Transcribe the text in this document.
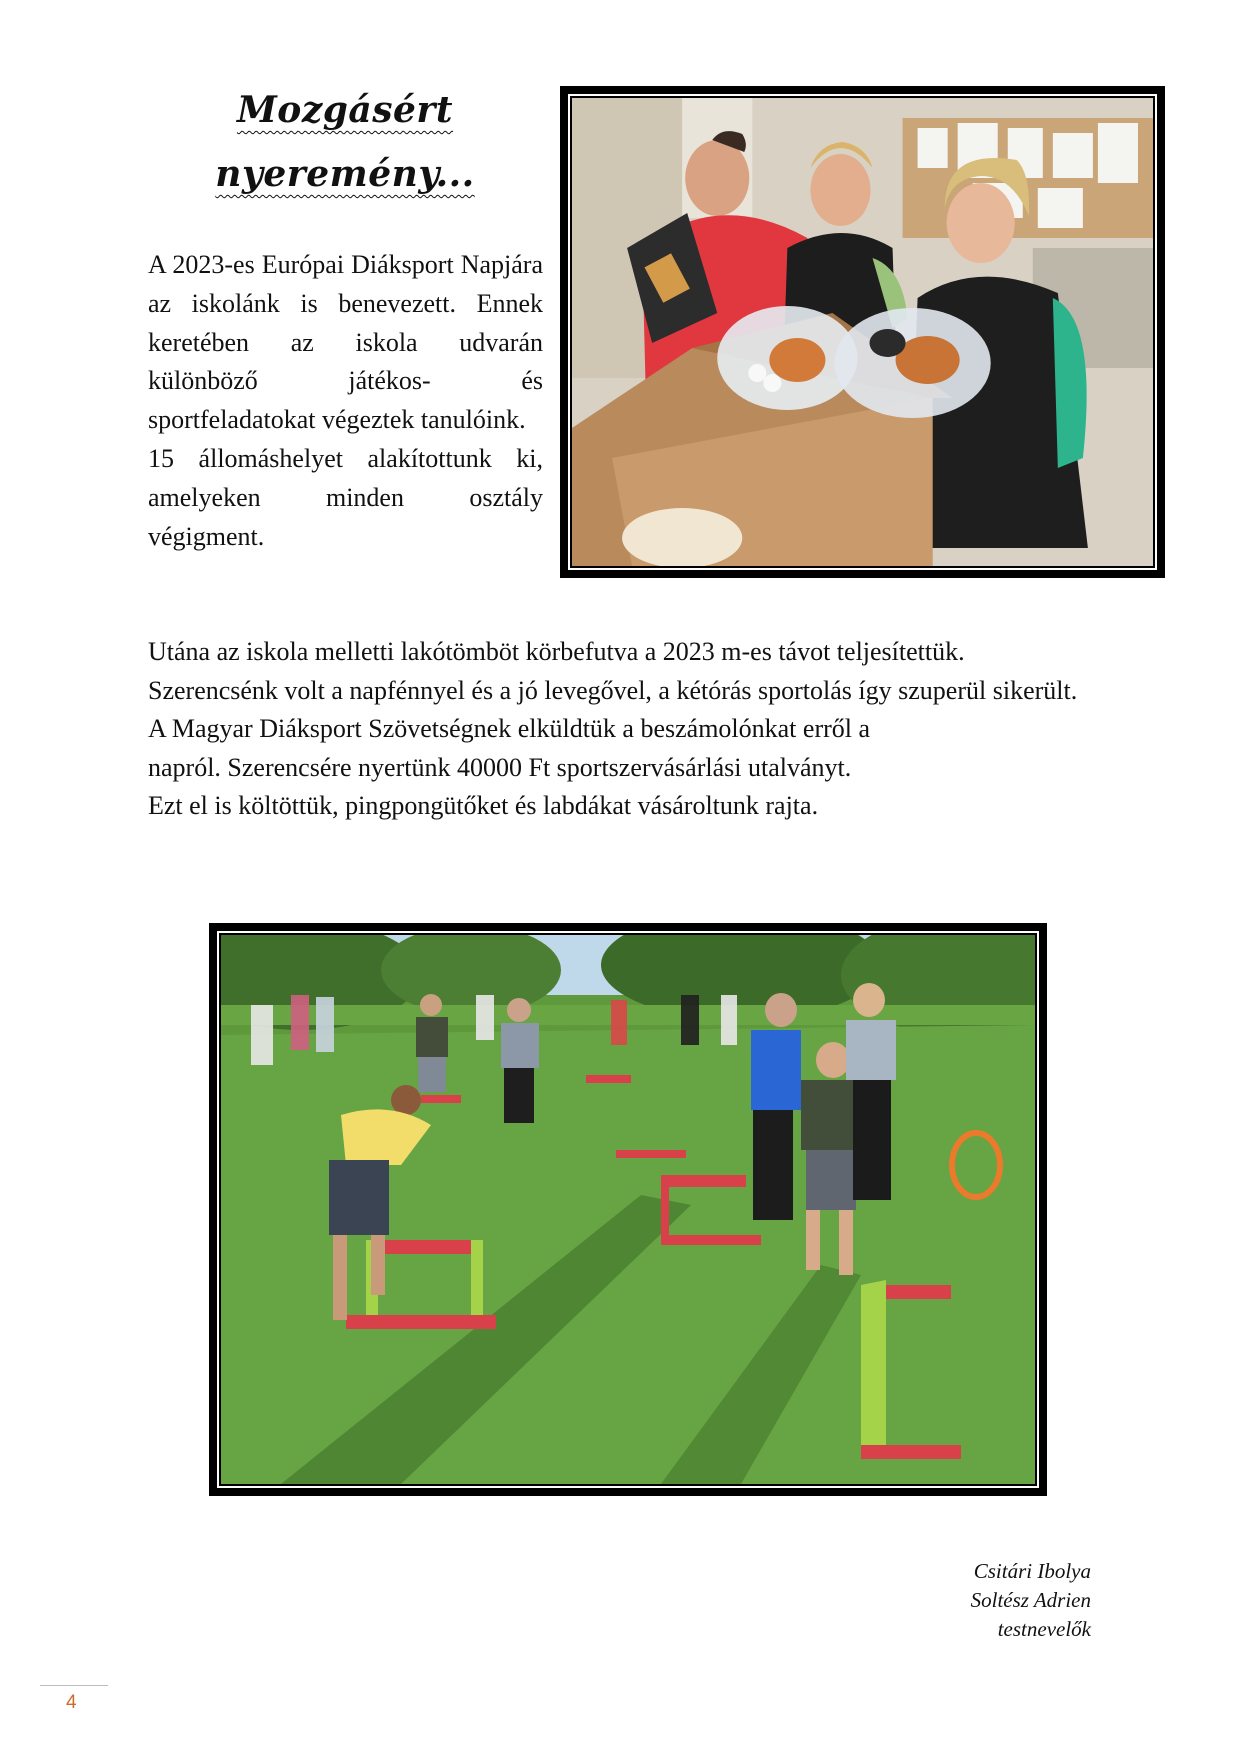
Mozgásért
nyeremény...

A 2023-es Európai Diáksport Napjára az iskolánk is benevezett. Ennek keretében az iskola udvarán különböző játékos- és sportfeladatokat végeztek tanulóink.

15 állomáshelyet alakítottunk ki, amelyeken minden osztály végigment.

Utána az iskola melletti lakótömböt körbefutva a 2023 m-es távot teljesítettük.

Szerencsénk volt a napfénnyel és a jó levegővel, a kétórás sportolás így szuperül sikerült.

A Magyar Diáksport Szövetségnek elküldtük a beszámolónkat erről a

napról. Szerencsére nyertünk 40000 Ft sportszervásárlási utalványt.

Ezt el is költöttük, pingpongütőket és labdákat vásároltunk rajta.

Csitári Ibolya
Soltész Adrien
testnevelők
4
